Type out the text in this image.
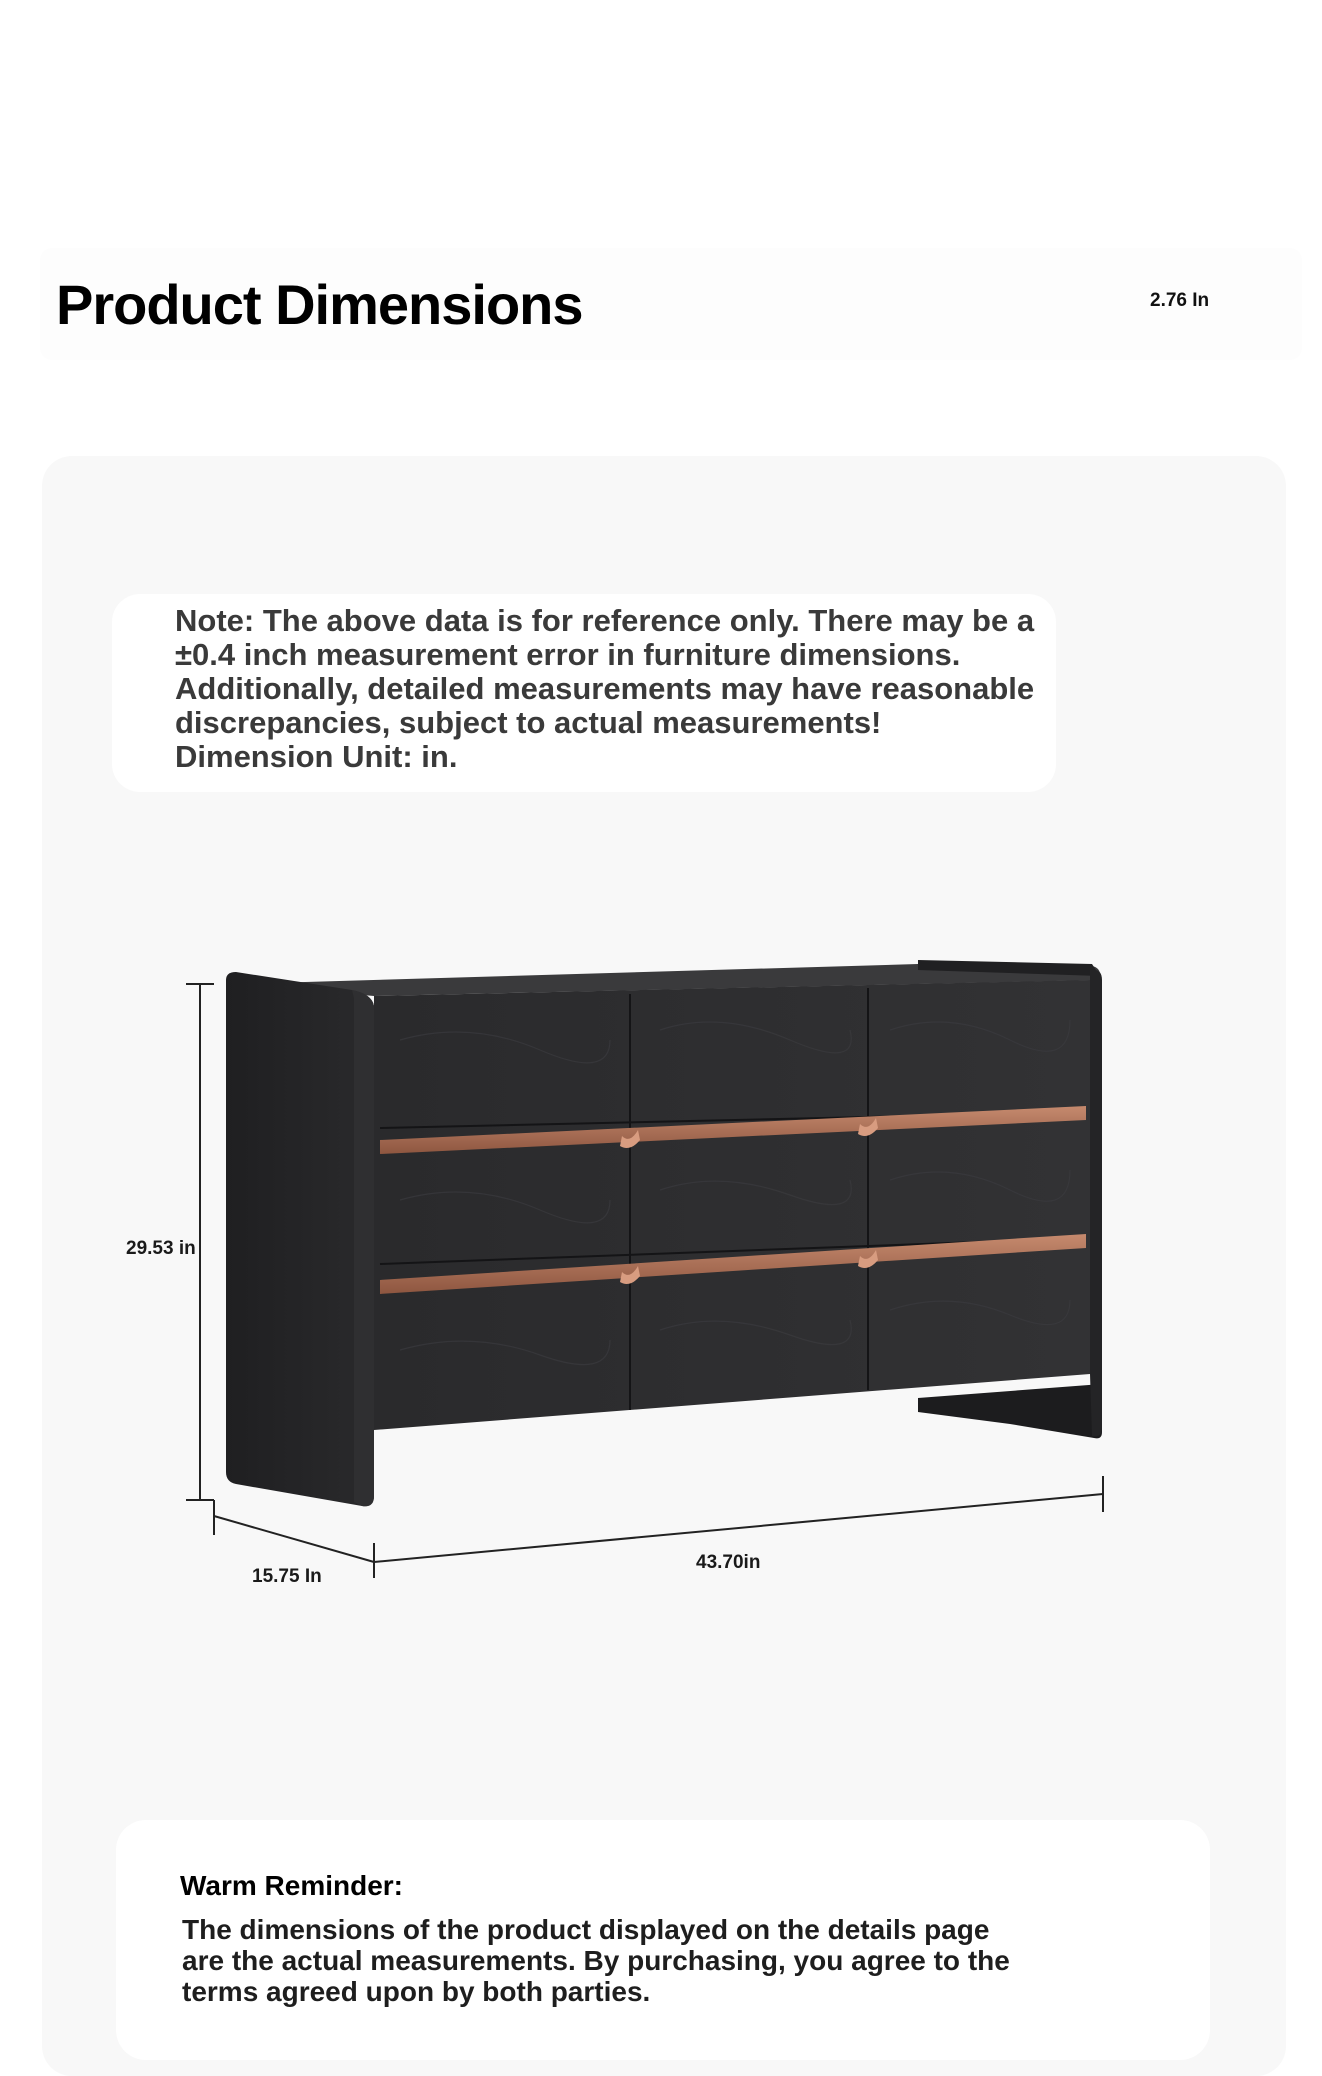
Product Dimensions	2.76 In

Note: The above data is for reference only. There may be a ±0.4 inch measurement error in furniture dimensions. Additionally, detailed measurements may have reasonable discrepancies, subject to actual measurements! Dimension Unit: in.

29.53 in
15.75 In
43.70in
Warm Reminder:

The dimensions of the product displayed on the details page are the actual measurements. By purchasing, you agree to the terms agreed upon by both parties.
